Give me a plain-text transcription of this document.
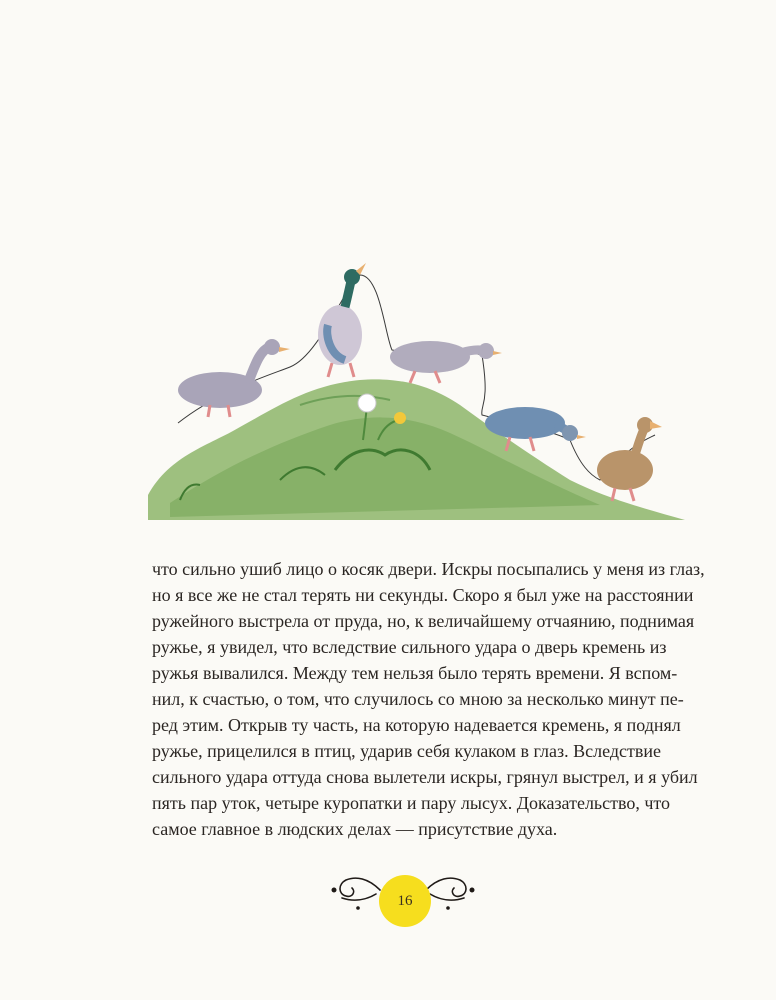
что сильно ушиб лицо о косяк двери. Искры посыпались у меня из глаз,
но я все же не стал терять ни секунды. Скоро я был уже на расстоянии
ружейного выстрела от пруда, но, к величайшему отчаянию, поднимая
ружье, я увидел, что вследствие сильного удара о дверь кремень из
ружья вывалился. Между тем нельзя было терять времени. Я вспом-
нил, к счастью, о том, что случилось со мною за несколько минут пе-
ред этим. Открыв ту часть, на которую надевается кремень, я поднял
ружье, прицелился в птиц, ударив себя кулаком в глаз. Вследствие
сильного удара оттуда снова вылетели искры, грянул выстрел, и я убил
пять пар уток, четыре куропатки и пару лысух. Доказательство, что
самое главное в людских делах — присутствие духа.
16
